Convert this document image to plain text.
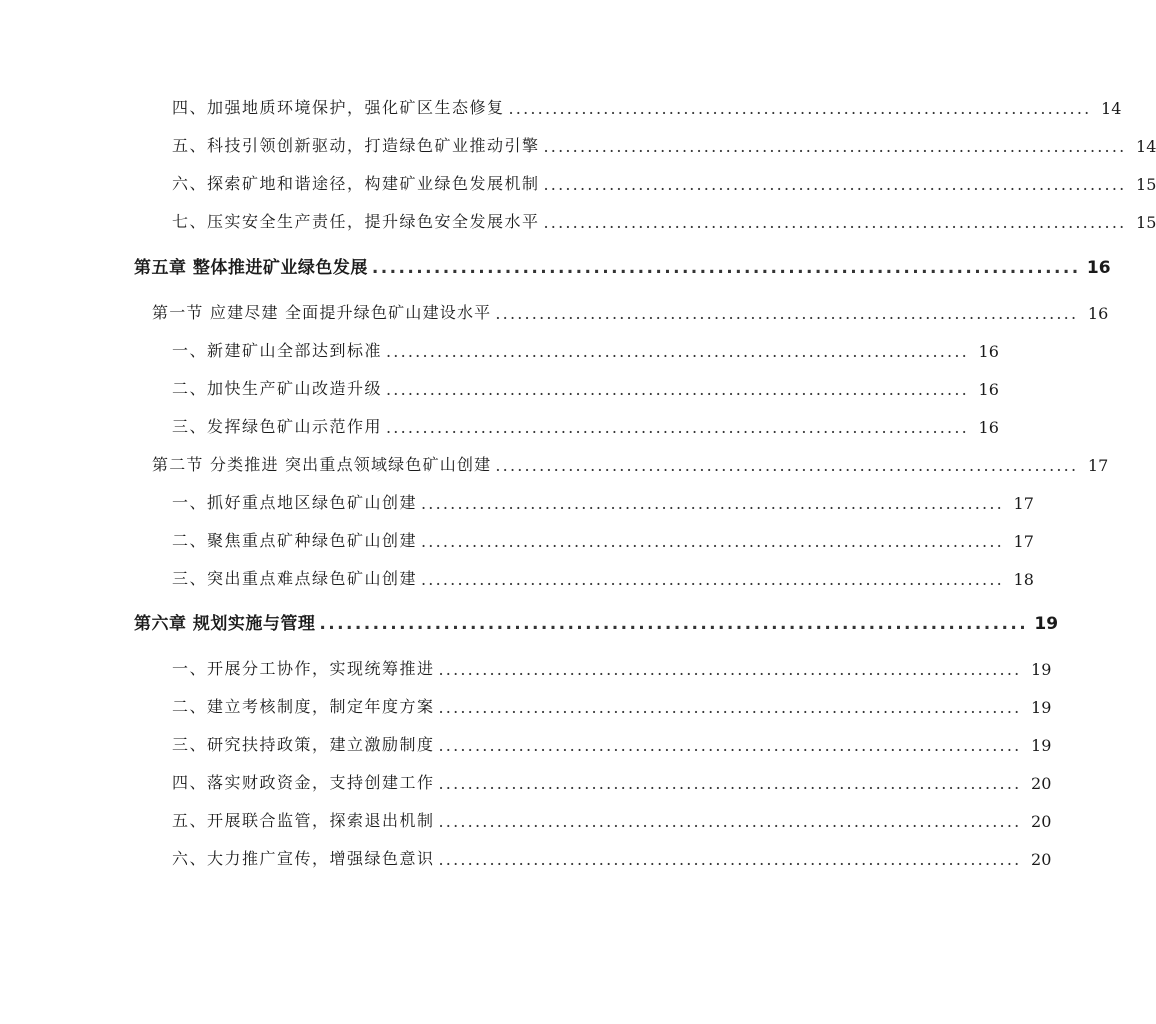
四、加强地质环境保护，强化矿区生态修复 ................................................................................ 14
五、科技引领创新驱动，打造绿色矿业推动引擎 ................................................................................ 14
六、探索矿地和谐途径，构建矿业绿色发展机制 ................................................................................ 15
七、压实安全生产责任，提升绿色安全发展水平 ................................................................................ 15
第五章 整体推进矿业绿色发展 ................................................................................ 16
第一节 应建尽建 全面提升绿色矿山建设水平 ................................................................................ 16
一、新建矿山全部达到标准 ................................................................................ 16
二、加快生产矿山改造升级 ................................................................................ 16
三、发挥绿色矿山示范作用 ................................................................................ 16
第二节 分类推进 突出重点领域绿色矿山创建 ................................................................................ 17
一、抓好重点地区绿色矿山创建 ................................................................................ 17
二、聚焦重点矿种绿色矿山创建 ................................................................................ 17
三、突出重点难点绿色矿山创建 ................................................................................ 18
第六章 规划实施与管理 ................................................................................ 19
一、开展分工协作，实现统筹推进 ................................................................................ 19
二、建立考核制度，制定年度方案 ................................................................................ 19
三、研究扶持政策，建立激励制度 ................................................................................ 19
四、落实财政资金，支持创建工作 ................................................................................ 20
五、开展联合监管，探索退出机制 ................................................................................ 20
六、大力推广宣传，增强绿色意识 ................................................................................ 20
